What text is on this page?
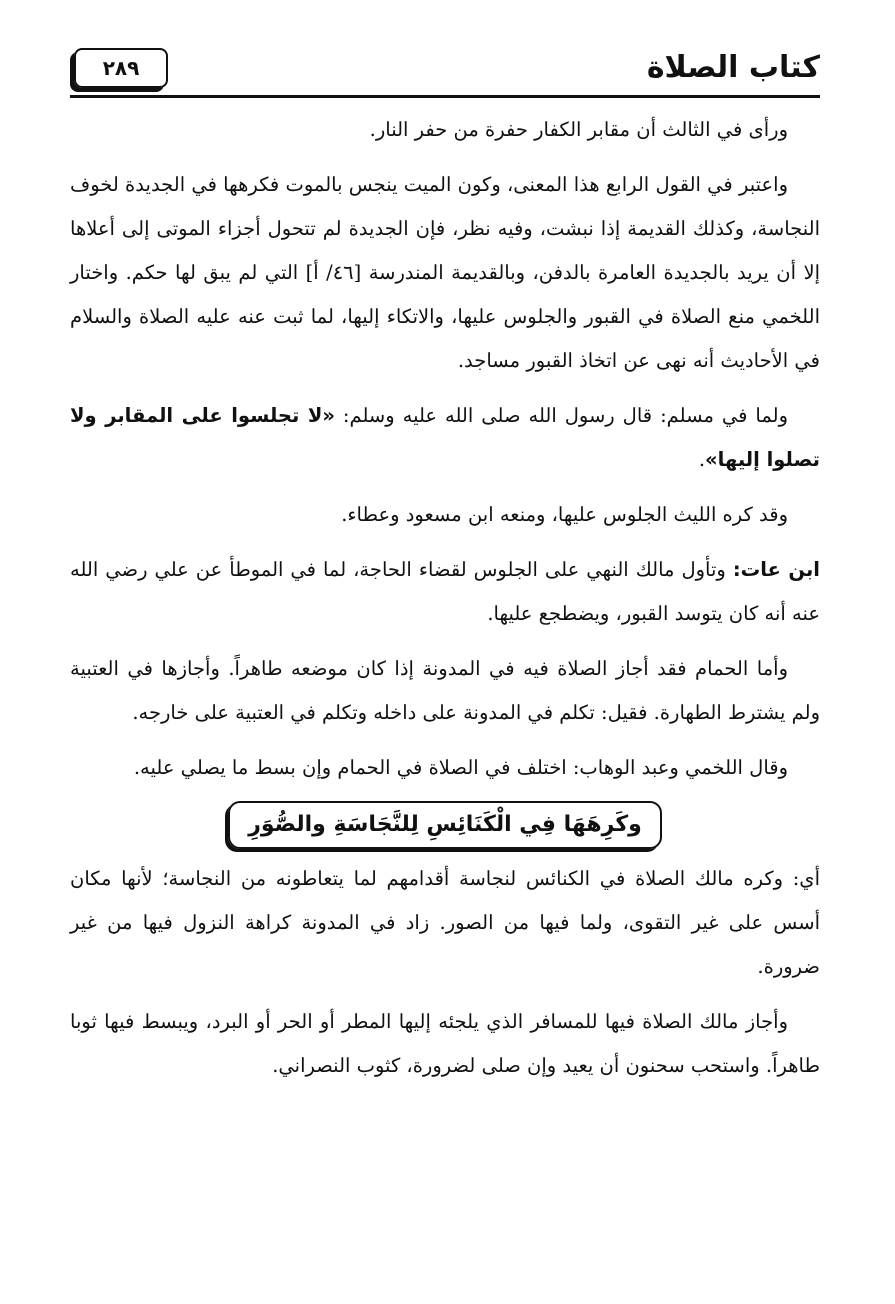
كتاب الصلاة
٢٨٩

ورأى في الثالث أن مقابر الكفار حفرة من حفر النار.

واعتبر في القول الرابع هذا المعنى، وكون الميت ينجس بالموت فكرهها في الجديدة لخوف النجاسة، وكذلك القديمة إذا نبشت، وفيه نظر، فإن الجديدة لم تتحول أجزاء الموتى إلى أعلاها إلا أن يريد بالجديدة العامرة بالدفن، وبالقديمة المندرسة [٤٦/ أ] التي لم يبق لها حكم. واختار اللخمي منع الصلاة في القبور والجلوس عليها، والاتكاء إليها، لما ثبت عنه عليه الصلاة والسلام في الأحاديث أنه نهى عن اتخاذ القبور مساجد.

ولما في مسلم: قال رسول الله صلى الله عليه وسلم: «لا تجلسوا على المقابر ولا تصلوا إليها».

وقد كره الليث الجلوس عليها، ومنعه ابن مسعود وعطاء.

ابن عات: وتأول مالك النهي على الجلوس لقضاء الحاجة، لما في الموطأ عن علي رضي الله عنه أنه كان يتوسد القبور، ويضطجع عليها.

وأما الحمام فقد أجاز الصلاة فيه في المدونة إذا كان موضعه طاهراً. وأجازها في العتبية ولم يشترط الطهارة. فقيل: تكلم في المدونة على داخله وتكلم في العتبية على خارجه.

وقال اللخمي وعبد الوهاب: اختلف في الصلاة في الحمام وإن بسط ما يصلي عليه.

وكَرِهَهَا فِي الْكَنَائِسِ لِلنَّجَاسَةِ والصُّوَرِ

أي: وكره مالك الصلاة في الكنائس لنجاسة أقدامهم لما يتعاطونه من النجاسة؛ لأنها مكان أسس على غير التقوى، ولما فيها من الصور. زاد في المدونة كراهة النزول فيها من غير ضرورة.

وأجاز مالك الصلاة فيها للمسافر الذي يلجئه إليها المطر أو الحر أو البرد، ويبسط فيها ثوبا طاهراً. واستحب سحنون أن يعيد وإن صلى لضرورة، كثوب النصراني.
